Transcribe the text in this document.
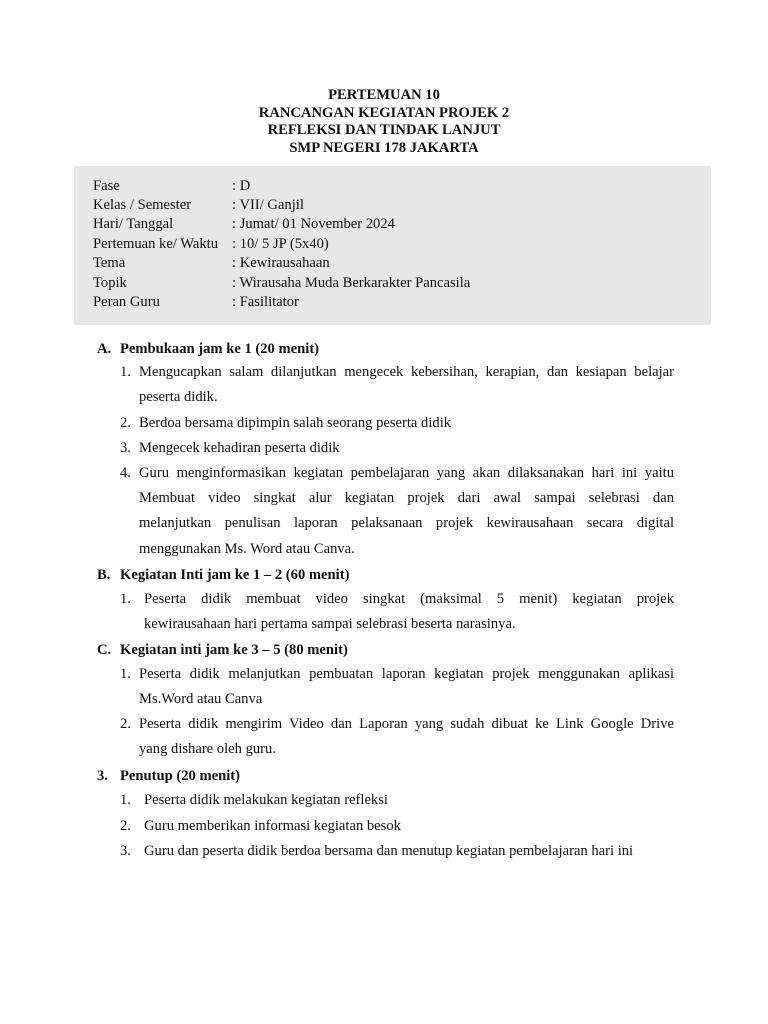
PERTEMUAN 10
RANCANGAN KEGIATAN PROJEK 2
REFLEKSI DAN TINDAK LANJUT
SMP NEGERI 178 JAKARTA
Fase	: D
Kelas / Semester	: VII/ Ganjil
Hari/ Tanggal	: Jumat/ 01 November 2024
Pertemuan ke/ Waktu : 10/ 5 JP (5x40)
Tema	: Kewirausahaan
Topik	: Wirausaha Muda Berkarakter Pancasila
Peran Guru	: Fasilitator
A. Pembukaan jam ke 1 (20 menit)
1. Mengucapkan salam dilanjutkan mengecek kebersihan, kerapian, dan kesiapan belajar
peserta didik.
2. Berdoa bersama dipimpin salah seorang peserta didik
3. Mengecek kehadiran peserta didik
4. Guru menginformasikan kegiatan pembelajaran yang akan dilaksanakan hari ini yaitu
Membuat video singkat alur kegiatan projek dari awal sampai selebrasi dan
melanjutkan penulisan laporan pelaksanaan projek kewirausahaan secara digital
menggunakan Ms. Word atau Canva.
B. Kegiatan Inti jam ke 1 – 2 (60 menit)
1. Peserta didik membuat video singkat (maksimal 5 menit) kegiatan projek
kewirausahaan hari pertama sampai selebrasi beserta narasinya.
C. Kegiatan inti jam ke 3 – 5 (80 menit)
1. Peserta didik melanjutkan pembuatan laporan kegiatan projek menggunakan aplikasi
Ms.Word atau Canva
2. Peserta didik mengirim Video dan Laporan yang sudah dibuat ke Link Google Drive
yang dishare oleh guru.
3. Penutup (20 menit)
1. Peserta didik melakukan kegiatan refleksi
2. Guru memberikan informasi kegiatan besok
3. Guru dan peserta didik berdoa bersama dan menutup kegiatan pembelajaran hari ini
